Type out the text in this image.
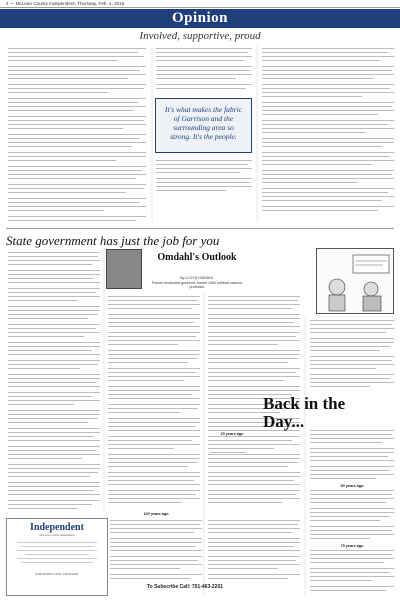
4 — McLean County Independent, Thursday, Feb. 4, 2016
Opinion
Involved, supportive, proud

It's what makes the fabric of Garrison and the surrounding area so strong. It's the people.
State government has just the job for you
Omdahl's Outlook
By LLOYD OMDAHL
Former lieutenant governor, former UND political science professor
25 years ago
50 years ago
75 years ago
100 years ago
Back in the Day...
Independent
McLean County Independent
PUBLISHED EVERY THURSDAY
To Subscribe Call: 701-463-2201
